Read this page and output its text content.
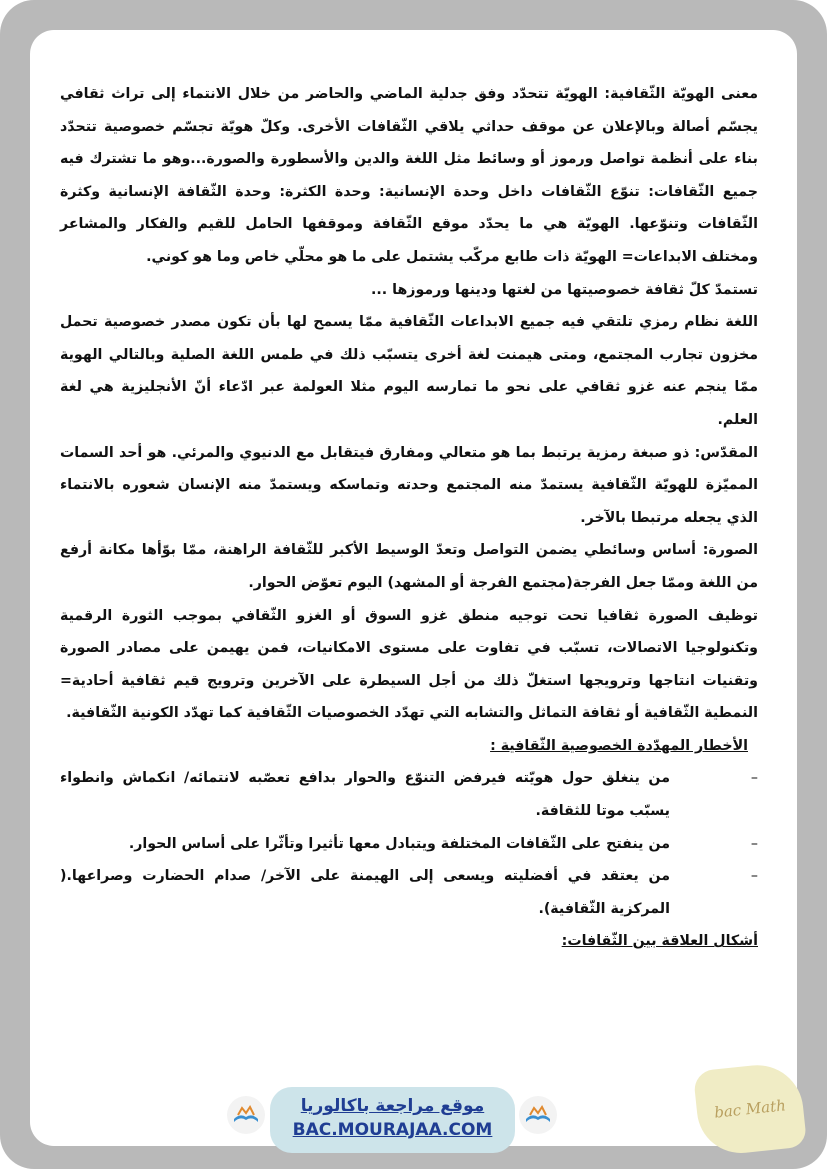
معنى الهويّة الثّقافية: الهويّة تتحدّد وفق جدلية الماضي والحاضر من خلال الانتماء إلى تراث ثقافي يجسّم أصالة وبالإعلان عن موقف حداثي يلاقي الثّقافات الأخرى. وكلّ هويّة تجسّم خصوصية تتحدّد بناء على أنظمة تواصل ورموز أو وسائط مثل اللغة والدين والأسطورة والصورة...وهو ما تشترك فيه جميع الثّقافات: تنوّع الثّقافات داخل وحدة الإنسانية: وحدة الكثرة: وحدة الثّقافة الإنسانية وكثرة الثّقافات وتنوّعها. الهويّة هي ما يحدّد موقع الثّقافة وموقفها الحامل للقيم والفكار والمشاعر ومختلف الابداعات= الهويّة ذات طابع مركّب يشتمل على ما هو محلّي خاص وما هو كوني.

تستمدّ كلّ ثقافة خصوصيتها من لغتها ودينها ورموزها ...

اللغة نظام رمزي تلتقي فيه جميع الابداعات الثّقافية ممّا يسمح لها بأن تكون مصدر خصوصية تحمل مخزون تجارب المجتمع، ومتى هيمنت لغة أخرى يتسبّب ذلك في طمس اللغة الصلية وبالتالي الهوية ممّا ينجم عنه غزو ثقافي على نحو ما تمارسه اليوم مثلا العولمة عبر ادّعاء أنّ الأنجليزية هي لغة العلم.

المقدّس: ذو صبغة رمزية يرتبط بما هو متعالي ومفارق فيتقابل مع الدنيوي والمرئي. هو أحد السمات المميّزة للهويّة الثّقافية يستمدّ منه المجتمع وحدته وتماسكه ويستمدّ منه الإنسان شعوره بالانتماء الذي يجعله مرتبطا بالآخر.

الصورة: أساس وسائطي يضمن التواصل وتعدّ الوسيط الأكبر للثّقافة الراهنة، ممّا بوّأها مكانة أرفع من اللغة وممّا جعل الفرجة(مجتمع الفرجة أو المشهد) اليوم تعوّض الحوار.

توظيف الصورة ثقافيا تحت توجيه منطق غزو السوق أو الغزو الثّقافي بموجب الثورة الرقمية وتكنولوجيا الاتصالات، تسبّب في تفاوت على مستوى الامكانيات، فمن يهيمن على مصادر الصورة وتقنيات انتاجها وترويجها استغلّ ذلك من أجل السيطرة على الآخرين وترويج قيم ثقافية أحادية= النمطية الثّقافية أو ثقافة التماثل والتشابه التي تهدّد الخصوصيات الثّقافية كما تهدّد الكونية الثّقافية.

الأخطار المهدّدة الخصوصية الثّقافية :

–
من ينغلق حول هويّته فيرفض التنوّع والحوار بدافع تعصّبه لانتمائه/ انكماش وانطواء يسبّب موتا للثقافة.

–
من ينفتح على الثّقافات المختلفة ويتبادل معها تأثيرا وتأثّرا على أساس الحوار.

–
من يعتقد في أفضليته ويسعى إلى الهيمنة على الآخر/ صدام الحضارت وصراعها.( المركزية الثّقافية).

أشكال العلاقة بين الثّقافات:

موقع مراجعة باكالوريا
BAC.MOURAJAA.COM
bac Math
